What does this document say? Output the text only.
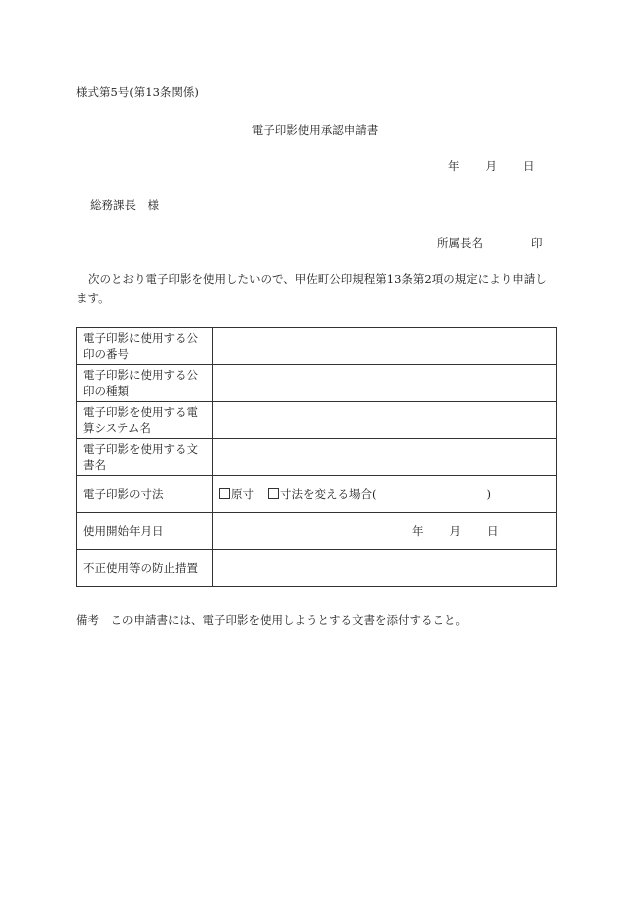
様式第5号(第13条関係)
電子印影使用承認申請書
年 月 日
総務課長　様
所属長名	印
次のとおり電子印影を使用したいので、甲佐町公印規程第13条第2項の規定により申請します。
電子印影に使用する公印の番号	
電子印影に使用する公印の種類	
電子印影を使用する電算システム名	
電子印影を使用する文書名	
電子印影の寸法	原寸 寸法を変える場合( )
使用開始年月日	年 月 日
不正使用等の防止措置	
備考　この申請書には、電子印影を使用しようとする文書を添付すること。
